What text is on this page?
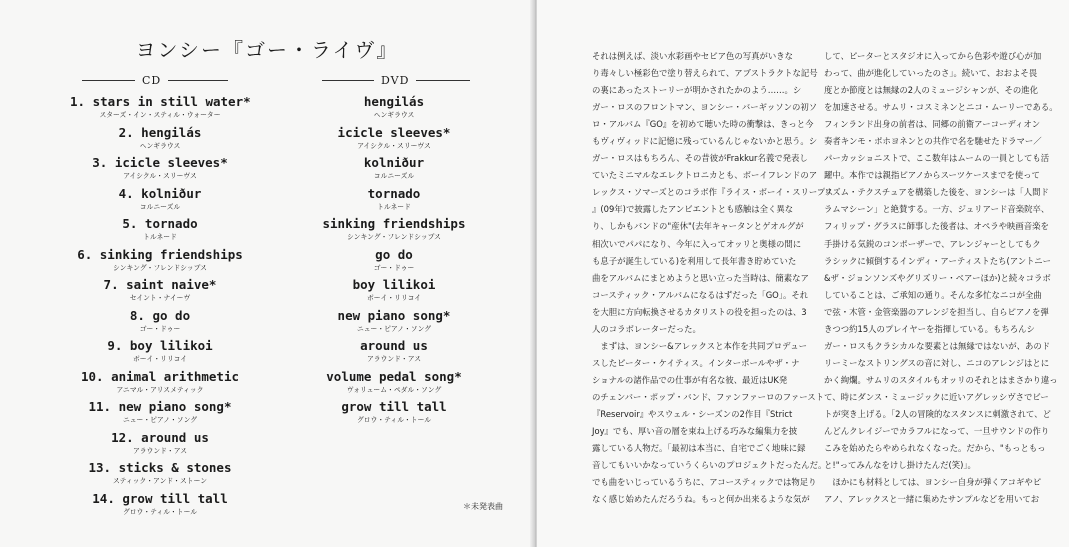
ヨンシー『ゴー・ライヴ』
CD	DVD
1. stars in still water*
スターズ・イン・スティル・ウォーター
2. hengilás
ヘンギラウス
3. icicle sleeves*
アイシクル・スリーヴス
4. kolniður
コルニーズル
5. tornado
トルネード
6. sinking friendships
シンキング・フレンドシップス
7. saint naive*
セイント・ナイーヴ
8. go do
ゴー・ドゥー
9. boy lilikoi
ボーイ・リリコイ
10. animal arithmetic
アニマル・アリスメティック
11. new piano song*
ニュー・ピアノ・ソング
12. around us
アラウンド・アス
13. sticks & stones
スティック・アンド・ストーン
14. grow till tall
グロウ・ティル・トール
hengilás
ヘンギラウス
icicle sleeves*
アイシクル・スリーヴス
kolniður
コルニーズル
tornado
トルネード
sinking friendships
シンキング・フレンドシップス
go do
ゴー・ドゥー
boy lilikoi
ボーイ・リリコイ
new piano song*
ニュー・ピアノ・ソング
around us
アラウンド・アス
volume pedal song*
ヴォリューム・ペダル・ソング
grow till tall
グロウ・ティル・トール
＊未発表曲

それは例えば、淡い水彩画やセピア色の写真がいきな

り毒々しい極彩色で塗り替えられて、アブストラクトな記号

の裏にあったストーリーが明かされたかのよう……。シ

ガー・ロスのフロントマン、ヨンシー・バーギッソンの初ソ

ロ・アルバム『GO』を初めて聴いた時の衝撃は、きっと今

もヴィヴィッドに記憶に残っているんじゃないかと思う。シ

ガー・ロスはもちろん、その昔彼がFrakkur名義で発表し

ていたミニマルなエレクトロニカとも、ボーイフレンドのア

レックス・ソマーズとのコラボ作『ライス・ボーイ・スリープス

』(09年)で披露したアンビエントとも感触は全く異な

り、しかもバンドの"産休"(去年キャータンとゲオルグが

相次いでパパになり、今年に入ってオッリと奥様の間に

も息子が誕生している)を利用して長年書き貯めていた

曲をアルバムにまとめようと思い立った当時は、簡素なア

コースティック・アルバムになるはずだった「GO」。それ

を大胆に方向転換させるカタリストの役を担ったのは、3

人のコラボレーターだった。

　まずは、ヨンシー&アレックスと本作を共同プロデュー

スしたピーター・ケイティス。インターポールやザ・ナ

ショナルの諸作品での仕事が有名な彼、最近はUK発

のチェンバー・ポップ・バンド、ファンファーロのファースト

『Reservoir』やスウェル・シーズンの2作目『Strict

Joy』でも、厚い音の層を束ね上げる巧みな編集力を披

露している人物だ。「最初は本当に、自宅でごく地味に録

音してもいいかなっていうくらいのプロジェクトだったんだ。

でも曲をいじっているうちに、アコースティックでは物足り

なく感じ始めたんだろうね。もっと何か出来るような気が

して、ピーターとスタジオに入ってから色彩や遊び心が加

わって、曲が進化していったのさ」。続いて、おおよそ畏

度とか節度とは無縁の2人のミュージシャンが、その進化

を加速させる。サムリ・コスミネンとニコ・ムーリーである。

フィンランド出身の前者は、同郷の前衛アーコーディオン

奏者キンモ・ポホヨネンとの共作で名を馳せたドラマー／

パーカッショニストで、ここ数年はムームの一員としても活

躍中。本作では親指ピアノからスーツケースまでを使って

リズム・テクスチュアを構築した後を、ヨンシーは「人間ド

ラムマシーン」と絶賛する。一方、ジュリアード音楽院卒、

フィリップ・グラスに師事した後者は、オペラや映画音楽を

手掛ける気鋭のコンポーザーで、アレンジャーとしてもク

ラシックに傾倒するインディ・アーティストたち(アントニー

&ザ・ジョンソンズやグリズリー・ベアーほか)と続々コラボ

していることは、ご承知の通り。そんな多忙なニコが全曲

で弦・木管・金管楽器のアレンジを担当し、自らピアノを弾

きつつ約15人のプレイヤーを指揮している。もちろんシ

ガー・ロスもクラシカルな要素とは無縁ではないが、あのド

リーミーなストリングスの音に対し、ニコのアレンジはとに

かく絢爛。サムリのスタイルもオッリのそれとはまさかり違っ

て、時にダンス・ミュージックに近いアグレッシヴさでビー

トが突き上げる。「2人の冒険的なスタンスに刺激されて、ど

んどんクレイジーでカラフルになって、一旦サウンドの作り

こみを始めたらやめられなくなった。だから、"もっともっ

と!"ってみんなをけし掛けたんだ(笑)」。

　ほかにも材料としては、ヨンシー自身が弾くアコギやピ

アノ、アレックスと一緒に集めたサンプルなどを用いてお
